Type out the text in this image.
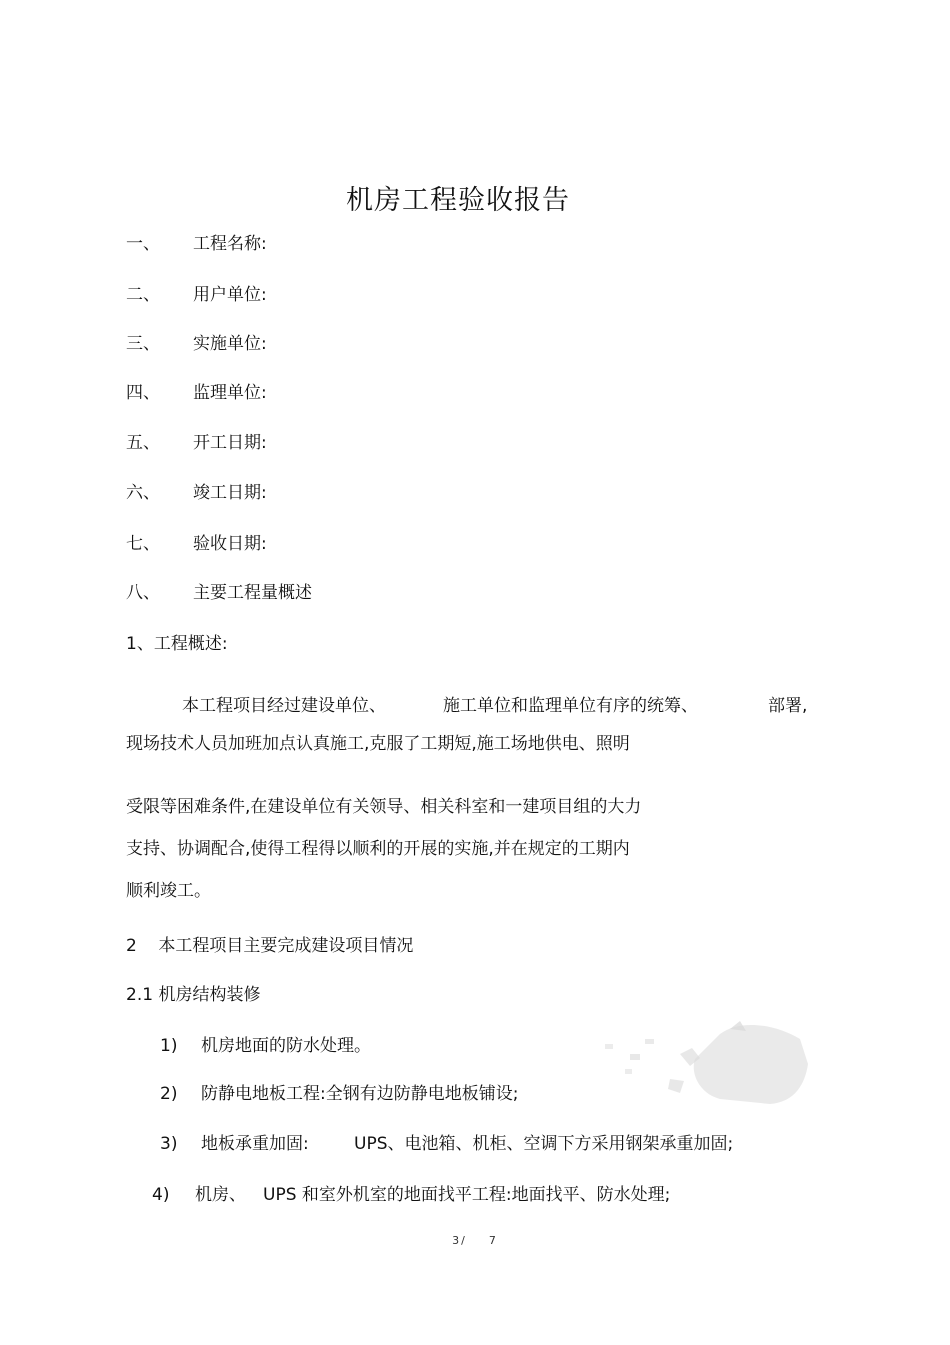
机房工程验收报告
一、 工程名称:
二、 用户单位:
三、 实施单位:
四、 监理单位:
五、 开工日期:
六、 竣工日期:
七、 验收日期:
八、 主要工程量概述
1、工程概述:
本工程项目经过建设单位、	施工单位和监理单位有序的统筹、	部署,
现场技术人员加班加点认真施工,克服了工期短,施工场地供电、照明
受限等困难条件,在建设单位有关领导、相关科室和一建项目组的大力
支持、协调配合,使得工程得以顺利的开展的实施,并在规定的工期内
顺利竣工。
2    本工程项目主要完成建设项目情况
2.1 机房结构装修
1) 机房地面的防水处理。
2) 防静电地板工程:全钢有边防静电地板铺设;
3) 地板承重加固:	UPS、电池箱、机柜、空调下方采用钢架承重加固;
4) 机房、 UPS 和室外机室的地面找平工程:地面找平、防水处理;
3/ 7
